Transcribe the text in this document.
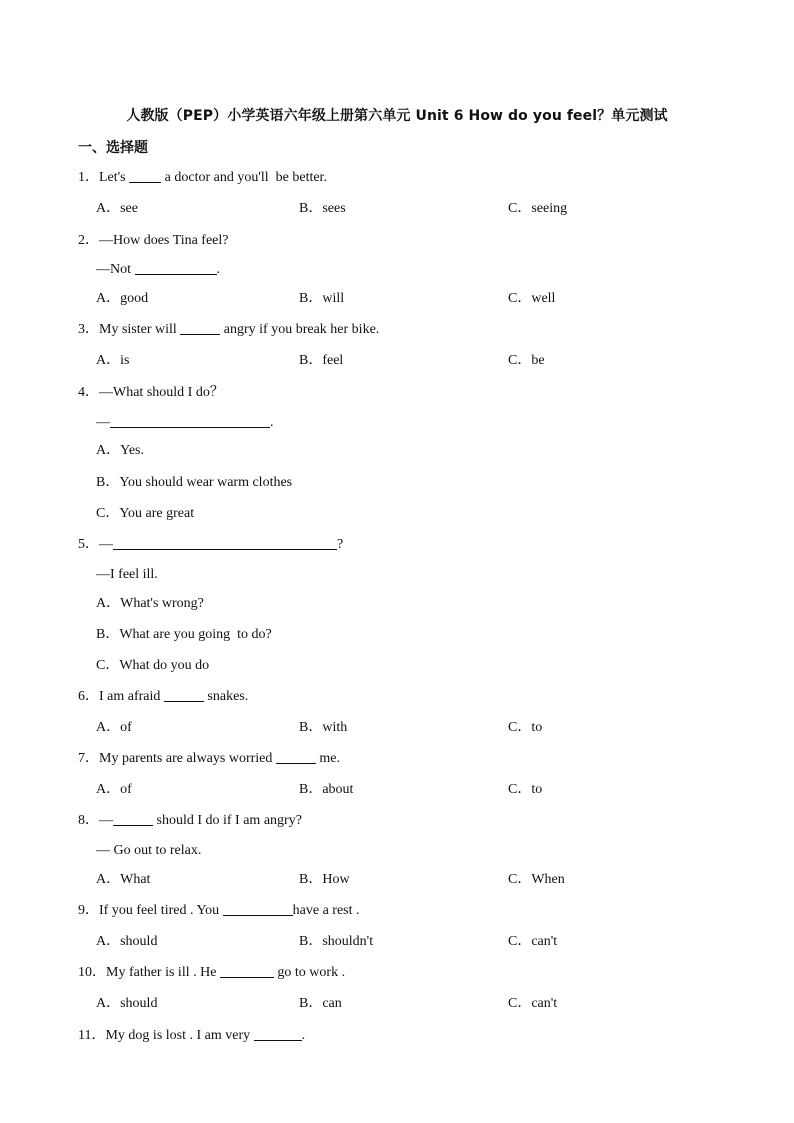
人教版（PEP）小学英语六年级上册第六单元 Unit 6 How do you feel？单元测试
一、选择题
1．Let's  a doctor and you'll  be better.
A．see	B．sees	C．seeing
2．—How does Tina feel?
—Not	.
A．good	B．will	C．well
3．My sister will	angry if you break her bike.
A．is	B．feel	C．be
4．—What should I do？
—	.
A．Yes.
B．You should wear warm clothes
C．You are great
5．—	?
—I feel ill.
A．What's wrong?
B．What are you going  to do?
C．What do you do
6．I am afraid	snakes.
A．of	B．with	C．to
7．My parents are always worried	me.
A．of	B．about	C．to
8．—	should I do if I am angry?
— Go out to relax.
A．What	B．How	C．When
9．If you feel tired . You	have a rest .
A．should	B．shouldn't	C．can't
10．My father is ill . He	go to work .
A．should	B．can	C．can't
11．My dog is lost . I am very	.
